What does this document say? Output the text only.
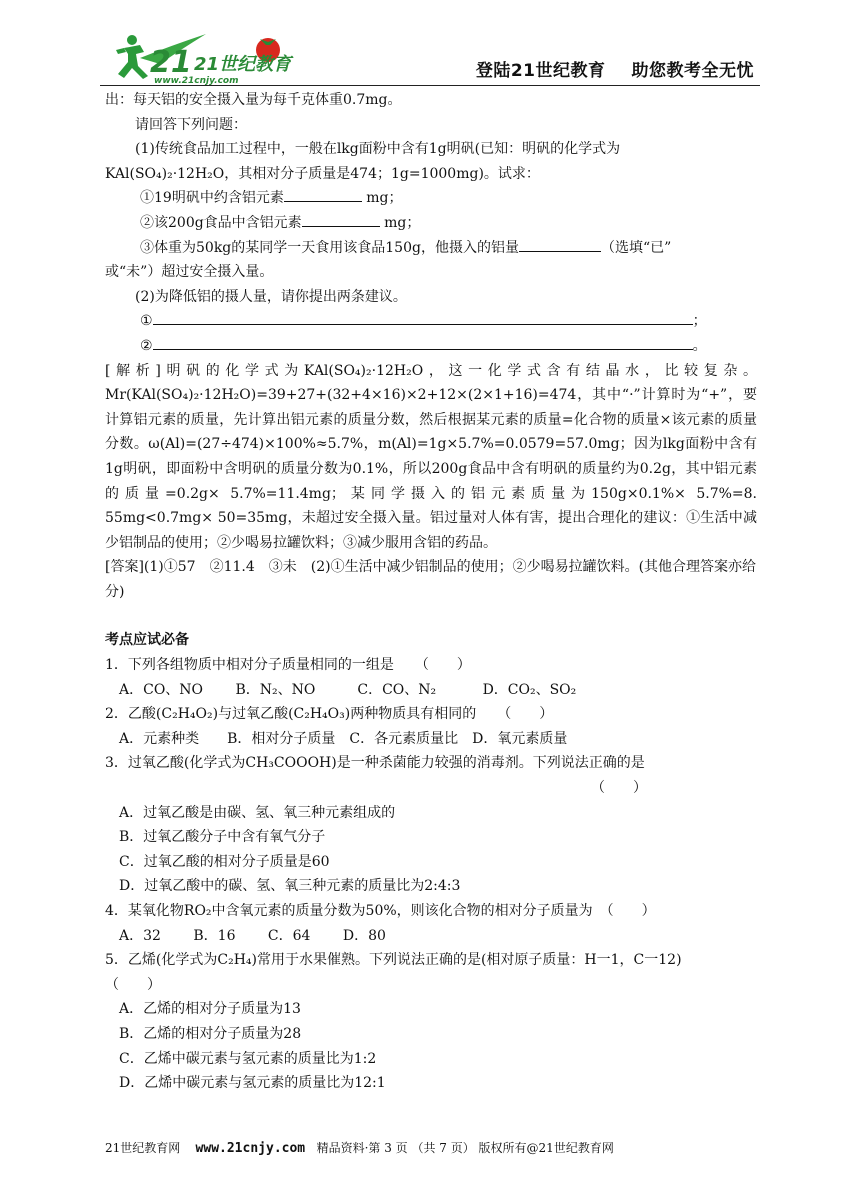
21 21世纪教育
www.21cnjy.com	登陆21世纪教育 助您教考全无忧

出：每天铝的安全摄入量为每千克体重0.7mg。

请回答下列问题：

(1)传统食品加工过程中，一般在lkg面粉中含有1g明矾(已知：明矾的化学式为

KAl(SO₄)₂·12H₂O，其相对分子质量是474；1g=1000mg)。试求：

①19明矾中约含铝元素	mg；

②该200g食品中含铝元素	mg；

③体重为50kg的某同学一天食用该食品150g，他摄入的铝量	（选填“已”

或“未”）超过安全摄入量。

(2)为降低铝的摄人量，请你提出两条建议。

①	；

②	。

[解析]明矾的化学式为KAl(SO₄)₂·12H₂O，这一化学式含有结晶水，比较复杂。Mr(KAl(SO₄)₂·12H₂O)=39+27+(32+4×16)×2+12×(2×1+16)=474，其中“·”计算时为“+”，要计算铝元素的质量，先计算出铝元素的质量分数，然后根据某元素的质量=化合物的质量×该元素的质量分数。ω(Al)=(27÷474)×100%≈5.7%，m(Al)=1g×5.7%=0.0579=57.0mg；因为lkg面粉中含有1g明矾，即面粉中含明矾的质量分数为0.1%，所以200g食品中含有明矾的质量约为0.2g，其中铝元素的质量=0.2g× 5.7%=11.4mg；某同学摄入的铝元素质量为150g×0.1%× 5.7%=8. 55mg<0.7mg× 50=35mg，未超过安全摄入量。铝过量对人体有害，提出合理化的建议：①生活中减少铝制品的使用；②少喝易拉罐饮料；③减少服用含铝的药品。

[答案](1)①57　②11.4　③未　(2)①生活中减少铝制品的使用；②少喝易拉罐饮料。(其他合理答案亦给分)

考点应试必备

1．下列各组物质中相对分子质量相同的一组是　　（　　）

A．CO、NO　　 B．N₂、NO　　　C．CO、N₂　　　 D．CO₂、SO₂

2．乙酸(C₂H₄O₂)与过氧乙酸(C₂H₄O₃)两种物质具有相同的　　（　　）

A．元素种类　　B．相对分子质量　C．各元素质量比　D．氧元素质量

3．过氧乙酸(化学式为CH₃COOOH)是一种杀菌能力较强的消毒剂。下列说法正确的是

（　　）

A．过氧乙酸是由碳、氢、氧三种元素组成的

B．过氧乙酸分子中含有氧气分子

C．过氧乙酸的相对分子质量是60

D．过氧乙酸中的碳、氢、氧三种元素的质量比为2:4:3

4．某氧化物RO₂中含氧元素的质量分数为50%，则该化合物的相对分子质量为　（　　）

A．32　　 B．16　　 C．64　　 D．80

5．乙烯(化学式为C₂H₄)常用于水果催熟。下列说法正确的是(相对原子质量：H一1，C一12)　　 （　　）

A．乙烯的相对分子质量为13

B．乙烯的相对分子质量为28

C．乙烯中碳元素与氢元素的质量比为1:2

D．乙烯中碳元素与氢元素的质量比为12:1

21世纪教育网 www.21cnjy.com 精品资料·第 3 页 （共 7 页） 版权所有@21世纪教育网
